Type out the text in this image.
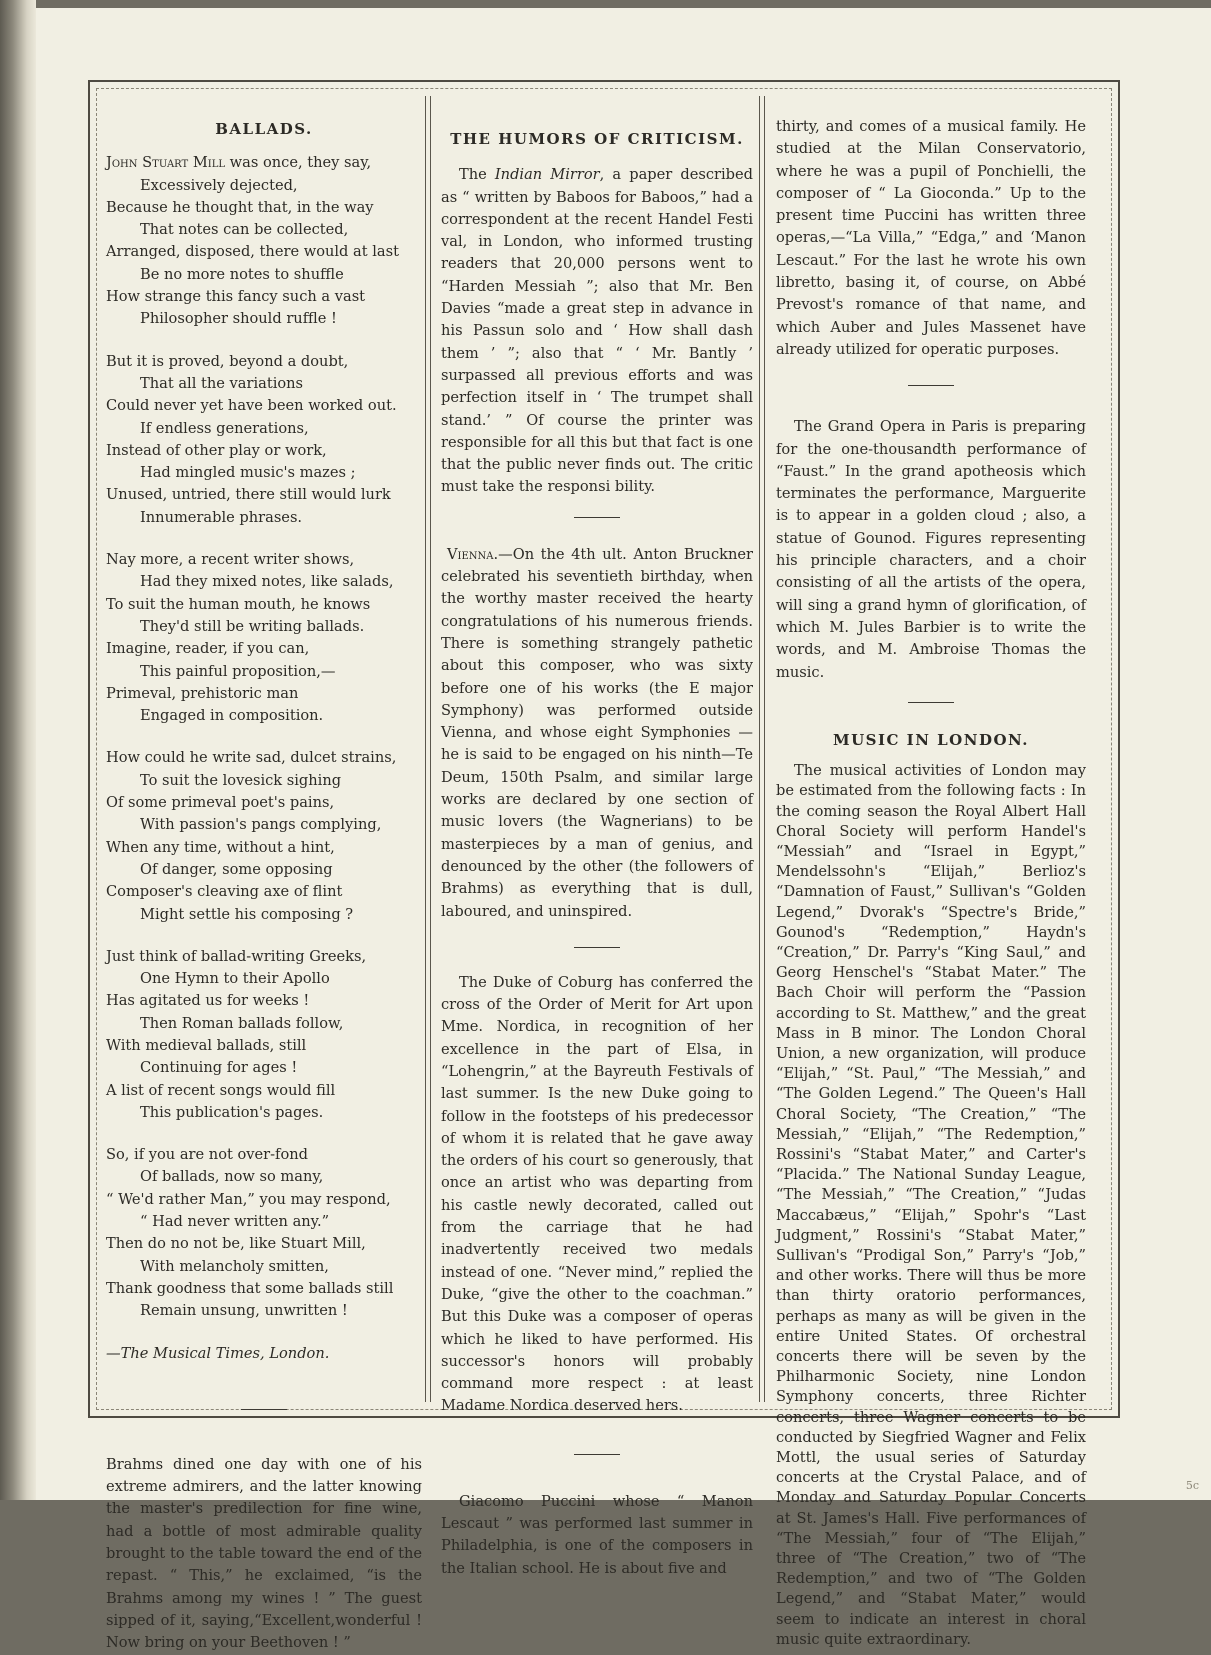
5c
BALLADS.
John Stuart Mill was once, they say,
Excessively dejected,
Because he thought that, in the way
That notes can be collected,
Arranged, disposed, there would at last
Be no more notes to shuffle
How strange this fancy such a vast
Philosopher should ruffle !
But it is proved, beyond a doubt,
That all the variations
Could never yet have been worked out.
If endless generations,
Instead of other play or work,
Had mingled music's mazes ;
Unused, untried, there still would lurk
Innumerable phrases.
Nay more, a recent writer shows,
Had they mixed notes, like salads,
To suit the human mouth, he knows
They'd still be writing ballads.
Imagine, reader, if you can,
This painful proposition,—
Primeval, prehistoric man
Engaged in composition.
How could he write sad, dulcet strains,
To suit the lovesick sighing
Of some primeval poet's pains,
With passion's pangs complying,
When any time, without a hint,
Of danger, some opposing
Composer's cleaving axe of flint
Might settle his composing ?
Just think of ballad-writing Greeks,
One Hymn to their Apollo
Has agitated us for weeks !
Then Roman ballads follow,
With medieval ballads, still
Continuing for ages !
A list of recent songs would fill
This publication's pages.
So, if you are not over-fond
Of ballads, now so many,
“ We'd rather Man,” you may respond,
“ Had never written any.”
Then do no not be, like Stuart Mill,
With melancholy smitten,
Thank goodness that some ballads still
Remain unsung, unwritten !

—The Musical Times, London.

Brahms dined one day with one of his extreme admirers, and the latter knowing the master's predilection for fine wine, had a bottle of most admirable quality brought to the table toward the end of the repast. “ This,” he exclaimed, “is the Brahms among my wines ! ” The guest sipped of it, saying,“Excellent,wonderful ! Now bring on your Beethoven ! ”

THE HUMORS OF CRITICISM.

The Indian Mirror, a paper described as “ written by Baboos for Baboos,” had a correspondent at the recent Handel Festi val, in London, who informed trusting readers that 20,000 persons went to “Harden Messiah ”; also that Mr. Ben Davies “made a great step in advance in his Passun solo and ‘ How shall dash them ’ ”; also that “ ‘ Mr. Bantly ’ surpassed all previous efforts and was perfection itself in ‘ The trumpet shall stand.’ ” Of course the printer was responsible for all this but that fact is one that the public never finds out. The critic must take the responsi bility.

Vienna.—On the 4th ult. Anton Bruckner celebrated his seventieth birthday, when the worthy master received the hearty congratulations of his numerous friends. There is something strangely pathetic about this composer, who was sixty before one of his works (the E major Symphony) was performed outside Vienna, and whose eight Symphonies —he is said to be engaged on his ninth—Te Deum, 150th Psalm, and similar large works are declared by one section of music lovers (the Wagnerians) to be masterpieces by a man of genius, and denounced by the other (the followers of Brahms) as everything that is dull, laboured, and uninspired.

The Duke of Coburg has conferred the cross of the Order of Merit for Art upon Mme. Nordica, in recognition of her excellence in the part of Elsa, in “Lohengrin,” at the Bayreuth Festivals of last summer. Is the new Duke going to follow in the footsteps of his predecessor of whom it is related that he gave away the orders of his court so generously, that once an artist who was departing from his castle newly decorated, called out from the carriage that he had inadvertently received two medals instead of one. “Never mind,” replied the Duke, “give the other to the coachman.” But this Duke was a composer of operas which he liked to have performed. His successor's honors will probably command more respect : at least Madame Nordica deserved hers.

Giacomo Puccini whose “ Manon Lescaut ” was performed last summer in Philadelphia, is one of the composers in the Italian school. He is about five and

thirty, and comes of a musical family. He studied at the Milan Conservatorio, where he was a pupil of Ponchielli, the composer of “ La Gioconda.” Up to the present time Puccini has written three operas,—“La Villa,” “Edga,” and ‘Manon Lescaut.” For the last he wrote his own libretto, basing it, of course, on Abbé Prevost's romance of that name, and which Auber and Jules Massenet have already utilized for operatic purposes.

The Grand Opera in Paris is preparing for the one-thousandth performance of “Faust.” In the grand apotheosis which terminates the performance, Marguerite is to appear in a golden cloud ; also, a statue of Gounod. Figures representing his principle characters, and a choir consisting of all the artists of the opera, will sing a grand hymn of glorification, of which M. Jules Barbier is to write the words, and M. Ambroise Thomas the music.

MUSIC IN LONDON.

The musical activities of London may be estimated from the following facts : In the coming season the Royal Albert Hall Choral Society will perform Handel's “Messiah” and “Israel in Egypt,” Mendelssohn's “Elijah,” Berlioz's “Damnation of Faust,” Sullivan's “Golden Legend,” Dvorak's “Spectre's Bride,” Gounod's “Redemption,” Haydn's “Creation,” Dr. Parry's “King Saul,” and Georg Henschel's “Stabat Mater.” The Bach Choir will perform the “Passion according to St. Matthew,” and the great Mass in B minor. The London Choral Union, a new organization, will produce “Elijah,” “St. Paul,” “The Messiah,” and “The Golden Legend.” The Queen's Hall Choral Society, “The Creation,” “The Messiah,” “Elijah,” “The Redemption,” Rossini's “Stabat Mater,” and Carter's “Placida.” The National Sunday League, “The Messiah,” “The Creation,” “Judas Maccabæus,” “Elijah,” Spohr's “Last Judgment,” Rossini's “Stabat Mater,” Sullivan's “Prodigal Son,” Parry's “Job,” and other works. There will thus be more than thirty oratorio performances, perhaps as many as will be given in the entire United States. Of orchestral concerts there will be seven by the Philharmonic Society, nine London Symphony concerts, three Richter concerts, three Wagner concerts to be conducted by Siegfried Wagner and Felix Mottl, the usual series of Saturday concerts at the Crystal Palace, and of Monday and Saturday Popular Concerts at St. James's Hall. Five performances of “The Messiah,” four of “The Elijah,” three of “The Creation,” two of “The Redemption,” and two of “The Golden Legend,” and “Stabat Mater,” would seem to indicate an interest in choral music quite extraordinary.
